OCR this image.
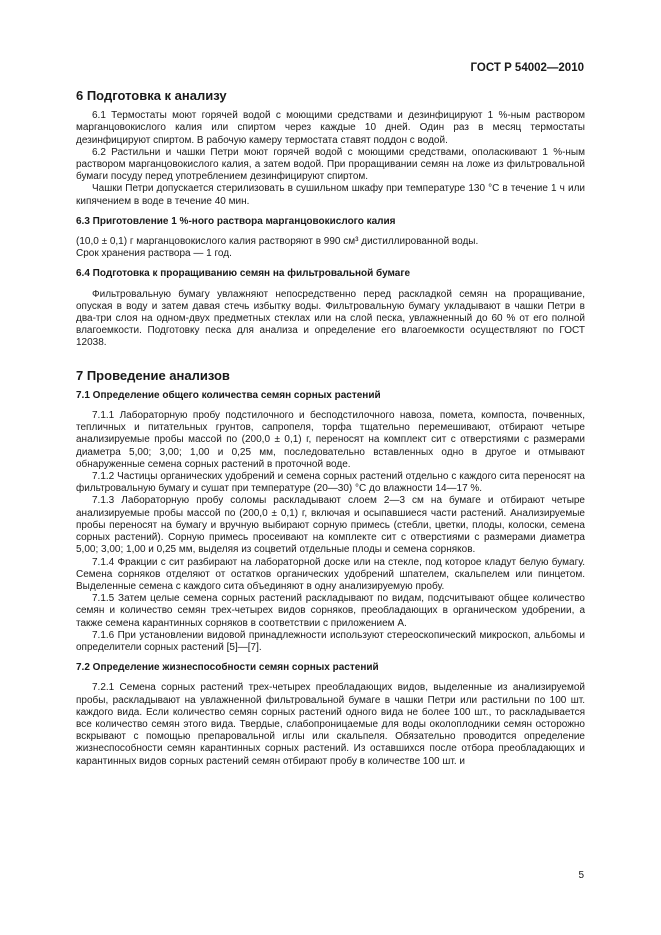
ГОСТ Р 54002—2010
6 Подготовка к анализу

6.1 Термостаты моют горячей водой с моющими средствами и дезинфицируют 1 %-ным раствором марганцовокислого калия или спиртом через каждые 10 дней. Один раз в месяц термостаты дезинфицируют спиртом. В рабочую камеру термостата ставят поддон с водой.

6.2 Растильни и чашки Петри моют горячей водой с моющими средствами, ополаскивают 1 %-ным раствором марганцовокислого калия, а затем водой. При проращивании семян на ложе из фильтровальной бумаги посуду перед употреблением дезинфицируют спиртом.

Чашки Петри допускается стерилизовать в сушильном шкафу при температуре 130 °С в течение 1 ч или кипячением в воде в течение 40 мин.

6.3 Приготовление 1 %-ного раствора марганцовокислого калия

(10,0 ± 0,1) г марганцовокислого калия растворяют в 990 см³ дистиллированной воды.

Срок хранения раствора — 1 год.

6.4 Подготовка к проращиванию семян на фильтровальной бумаге

Фильтровальную бумагу увлажняют непосредственно перед раскладкой семян на проращивание, опуская в воду и затем давая стечь избытку воды. Фильтровальную бумагу укладывают в чашки Петри в два-три слоя на одном-двух предметных стеклах или на слой песка, увлажненный до 60 % от его полной влагоемкости. Подготовку песка для анализа и определение его влагоемкости осуществляют по ГОСТ 12038.

7 Проведение анализов
7.1 Определение общего количества семян сорных растений

7.1.1 Лабораторную пробу подстилочного и бесподстилочного навоза, помета, компоста, почвенных, тепличных и питательных грунтов, сапропеля, торфа тщательно перемешивают, отбирают четыре анализируемые пробы массой по (200,0 ± 0,1) г, переносят на комплект сит с отверстиями с размерами диаметра 5,00; 3,00; 1,00 и 0,25 мм, последовательно вставленных одно в другое и отмывают обнаруженные семена сорных растений в проточной воде.

7.1.2 Частицы органических удобрений и семена сорных растений отдельно с каждого сита переносят на фильтровальную бумагу и сушат при температуре (20—30) °С до влажности 14—17 %.

7.1.3 Лабораторную пробу соломы раскладывают слоем 2—3 см на бумаге и отбирают четыре анализируемые пробы массой по (200,0 ± 0,1) г, включая и осыпавшиеся части растений. Анализируемые пробы переносят на бумагу и вручную выбирают сорную примесь (стебли, цветки, плоды, колоски, семена сорных растений). Сорную примесь просеивают на комплекте сит с отверстиями с размерами диаметра 5,00; 3,00; 1,00 и 0,25 мм, выделяя из соцветий отдельные плоды и семена сорняков.

7.1.4 Фракции с сит разбирают на лабораторной доске или на стекле, под которое кладут белую бумагу. Семена сорняков отделяют от остатков органических удобрений шпателем, скальпелем или пинцетом. Выделенные семена с каждого сита объединяют в одну анализируемую пробу.

7.1.5 Затем целые семена сорных растений раскладывают по видам, подсчитывают общее количество семян и количество семян трех-четырех видов сорняков, преобладающих в органическом удобрении, а также семена карантинных сорняков в соответствии с приложением А.

7.1.6 При установлении видовой принадлежности используют стереоскопический микроскоп, альбомы и определители сорных растений [5]—[7].

7.2 Определение жизнеспособности семян сорных растений

7.2.1 Семена сорных растений трех-четырех преобладающих видов, выделенные из анализируемой пробы, раскладывают на увлажненной фильтровальной бумаге в чашки Петри или растильни по 100 шт. каждого вида. Если количество семян сорных растений одного вида не более 100 шт., то раскладывается все количество семян этого вида. Твердые, слабопроницаемые для воды околоплодники семян осторожно вскрывают с помощью препаровальной иглы или скальпеля. Обязательно проводится определение жизнеспособности семян карантинных сорных растений. Из оставшихся после отбора преобладающих и карантинных видов сорных растений семян отбирают пробу в количестве 100 шт. и

5
